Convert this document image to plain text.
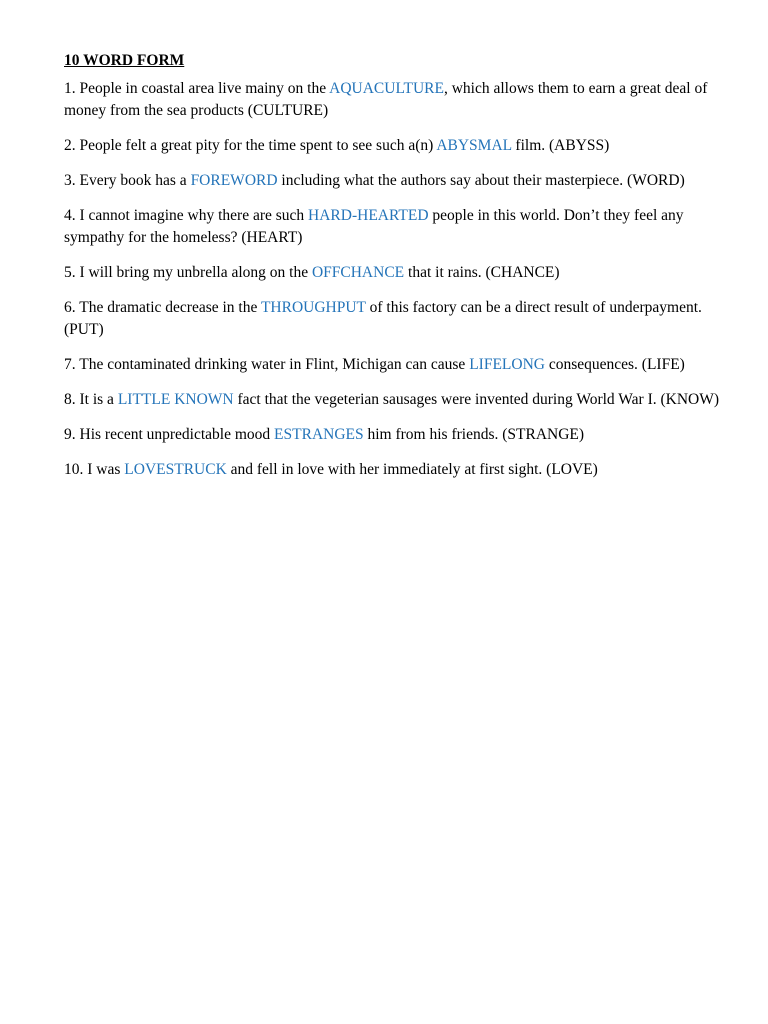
10 WORD FORM
1. People in coastal area live mainy on the AQUACULTURE, which allows them to earn a great deal of money from the sea products (CULTURE)
2. People felt a great pity for the time spent to see such a(n) ABYSMAL film. (ABYSS)
3. Every book has a FOREWORD including what the authors say about their masterpiece. (WORD)
4. I cannot imagine why there are such HARD-HEARTED people in this world. Don’t they feel any sympathy for the homeless? (HEART)
5. I will bring my unbrella along on the OFFCHANCE that it rains. (CHANCE)
6. The dramatic decrease in the THROUGHPUT of this factory can be a direct result of underpayment. (PUT)
7. The contaminated drinking water in Flint, Michigan can cause LIFELONG consequences. (LIFE)
8. It is a LITTLE KNOWN fact that the vegeterian sausages were invented during World War I. (KNOW)
9. His recent unpredictable mood ESTRANGES him from his friends. (STRANGE)
10. I was LOVESTRUCK and fell in love with her immediately at first sight. (LOVE)
